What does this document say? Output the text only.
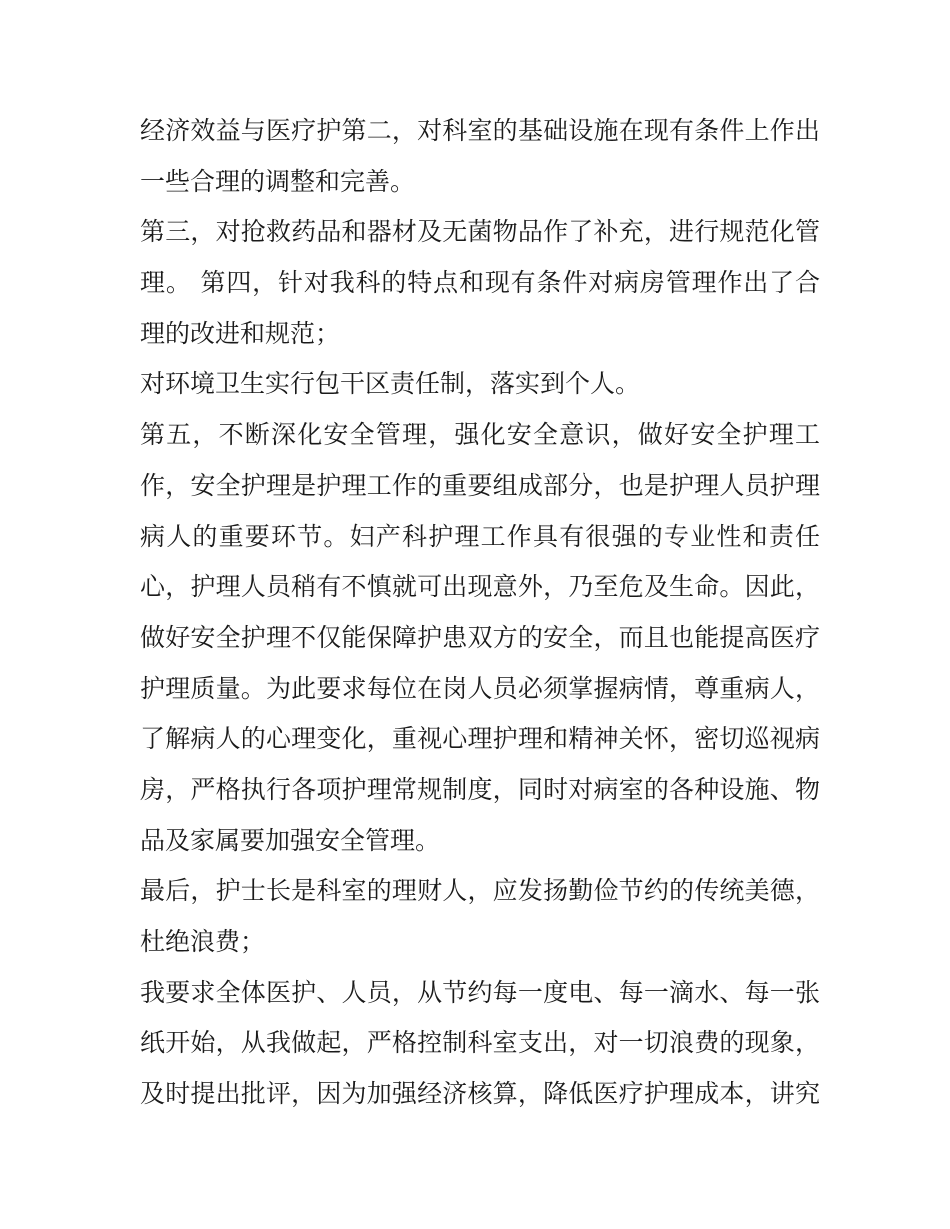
经济效益与医疗护第二，对科室的基础设施在现有条件上作出

一些合理的调整和完善。

第三，对抢救药品和器材及无菌物品作了补充，进行规范化管

理。 第四，针对我科的特点和现有条件对病房管理作出了合

理的改进和规范；

对环境卫生实行包干区责任制，落实到个人。

第五，不断深化安全管理，强化安全意识，做好安全护理工

作，安全护理是护理工作的重要组成部分，也是护理人员护理

病人的重要环节。妇产科护理工作具有很强的专业性和责任

心，护理人员稍有不慎就可出现意外，乃至危及生命。因此，

做好安全护理不仅能保障护患双方的安全，而且也能提高医疗

护理质量。为此要求每位在岗人员必须掌握病情，尊重病人，

了解病人的心理变化，重视心理护理和精神关怀，密切巡视病

房，严格执行各项护理常规制度，同时对病室的各种设施、物

品及家属要加强安全管理。

最后，护士长是科室的理财人，应发扬勤俭节约的传统美德，

杜绝浪费；

我要求全体医护、人员，从节约每一度电、每一滴水、每一张

纸开始，从我做起，严格控制科室支出，对一切浪费的现象，

及时提出批评，因为加强经济核算，降低医疗护理成本，讲究
